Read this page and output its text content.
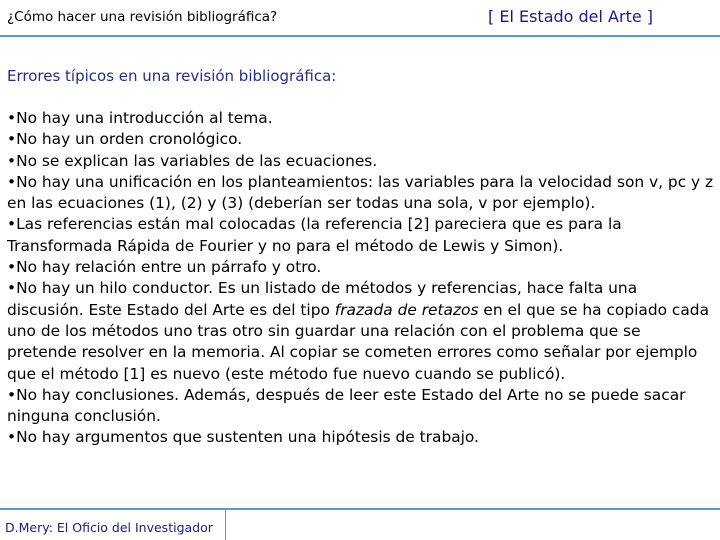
¿Cómo hacer una revisión bibliográfica?	[ El Estado del Arte ]
Errores típicos en una revisión bibliográfica:

•No hay una introducción al tema.

•No hay un orden cronológico.

•No se explican las variables de las ecuaciones.

•No hay una unificación en los planteamientos: las variables para la velocidad son v, pc y z en las ecuaciones (1), (2) y (3) (deberían ser todas una sola, v por ejemplo).

•Las referencias están mal colocadas (la referencia [2] pareciera que es para la Transformada Rápida de Fourier y no para el método de Lewis y Simon).

•No hay relación entre un párrafo y otro.

•No hay un hilo conductor. Es un listado de métodos y referencias, hace falta una discusión. Este Estado del Arte es del tipo frazada de retazos en el que se ha copiado cada uno de los métodos uno tras otro sin guardar una relación con el problema que se pretende resolver en la memoria. Al copiar se cometen errores como señalar por ejemplo que el método [1] es nuevo (este método fue nuevo cuando se publicó).

•No hay conclusiones. Además, después de leer este Estado del Arte no se puede sacar ninguna conclusión.

•No hay argumentos que sustenten una hipótesis de trabajo.

D.Mery: El Oficio del Investigador
